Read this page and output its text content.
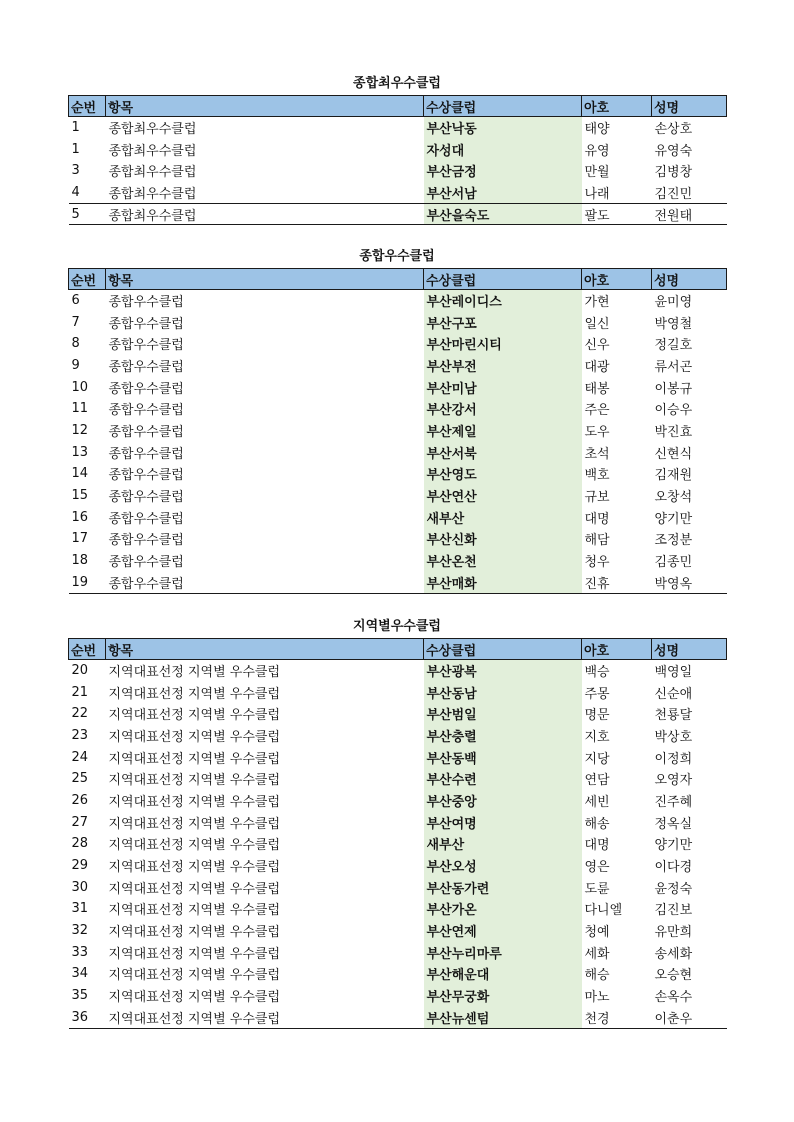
종합최우수클럽
순번	항목	수상클럽	아호	성명
1	종합최우수클럽	부산낙동	태양	손상호
1	종합최우수클럽	자성대	유영	유영숙
3	종합최우수클럽	부산금정	만월	김병창
4	종합최우수클럽	부산서남	나래	김진민
5	종합최우수클럽	부산을숙도	팔도	전원태
종합우수클럽
순번	항목	수상클럽	아호	성명
6	종합우수클럽	부산레이디스	가현	윤미영
7	종합우수클럽	부산구포	일신	박영철
8	종합우수클럽	부산마린시티	신우	정길호
9	종합우수클럽	부산부전	대광	류서곤
10	종합우수클럽	부산미남	태봉	이봉규
11	종합우수클럽	부산강서	주은	이승우
12	종합우수클럽	부산제일	도우	박진효
13	종합우수클럽	부산서북	초석	신현식
14	종합우수클럽	부산영도	백호	김재원
15	종합우수클럽	부산연산	규보	오창석
16	종합우수클럽	새부산	대명	양기만
17	종합우수클럽	부산신화	해담	조정분
18	종합우수클럽	부산온천	청우	김종민
19	종합우수클럽	부산매화	진휴	박영옥
지역별우수클럽
순번	항목	수상클럽	아호	성명
20	지역대표선정 지역별 우수클럽	부산광복	백승	백영일
21	지역대표선정 지역별 우수클럽	부산동남	주몽	신순애
22	지역대표선정 지역별 우수클럽	부산범일	명문	천룡달
23	지역대표선정 지역별 우수클럽	부산충렬	지호	박상호
24	지역대표선정 지역별 우수클럽	부산동백	지당	이정희
25	지역대표선정 지역별 우수클럽	부산수련	연담	오영자
26	지역대표선정 지역별 우수클럽	부산중앙	세빈	진주혜
27	지역대표선정 지역별 우수클럽	부산여명	해송	정옥실
28	지역대표선정 지역별 우수클럽	새부산	대명	양기만
29	지역대표선정 지역별 우수클럽	부산오성	영은	이다경
30	지역대표선정 지역별 우수클럽	부산동가련	도륜	윤정숙
31	지역대표선정 지역별 우수클럽	부산가온	다니엘	김진보
32	지역대표선정 지역별 우수클럽	부산연제	청예	유만희
33	지역대표선정 지역별 우수클럽	부산누리마루	세화	송세화
34	지역대표선정 지역별 우수클럽	부산해운대	해승	오승현
35	지역대표선정 지역별 우수클럽	부산무궁화	마노	손옥수
36	지역대표선정 지역별 우수클럽	부산뉴센텀	천경	이춘우
